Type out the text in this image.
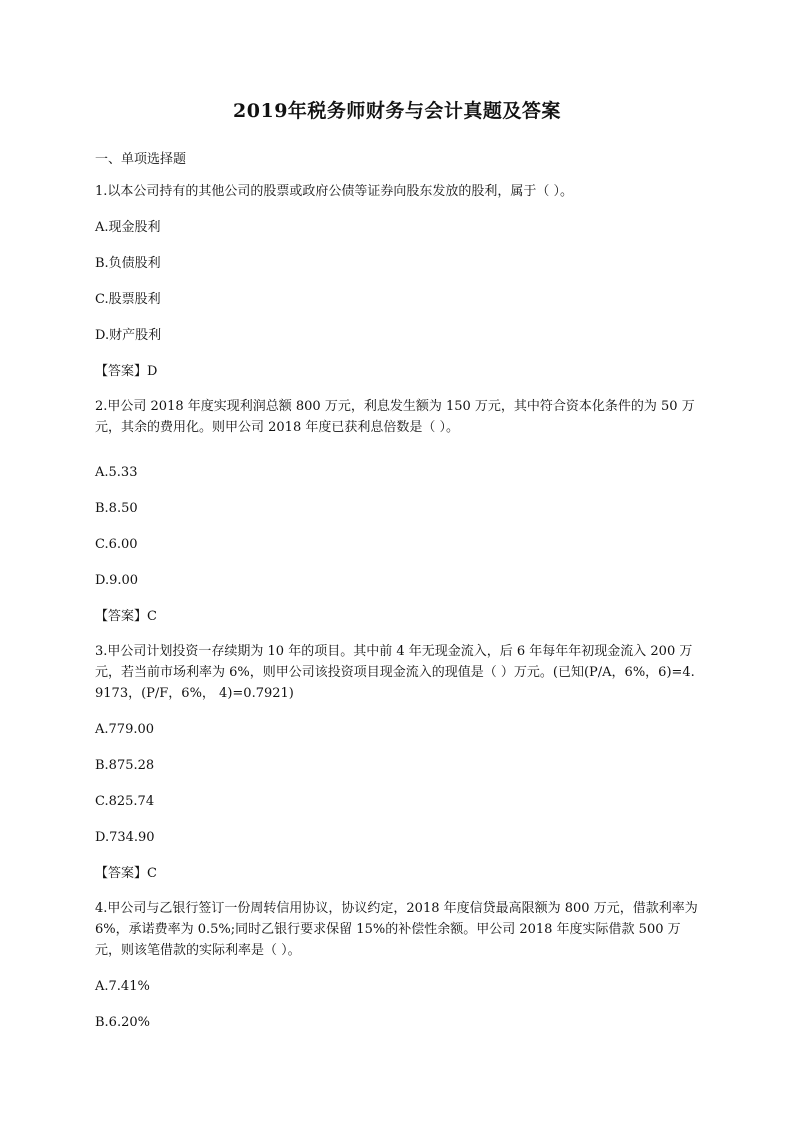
2019年税务师财务与会计真题及答案
一、单项选择题
1.以本公司持有的其他公司的股票或政府公债等证券向股东发放的股利，属于（ ）。
A.现金股利
B.负债股利
C.股票股利
D.财产股利
【答案】D
2.甲公司 2018 年度实现利润总额 800 万元，利息发生额为 150 万元，其中符合资本化条件的为 50 万元，其余的费用化。则甲公司 2018 年度已获利息倍数是（ ）。
A.5.33
B.8.50
C.6.00
D.9.00
【答案】C
3.甲公司计划投资一存续期为 10 年的项目。其中前 4 年无现金流入，后 6 年每年年初现金流入 200 万元，若当前市场利率为 6%，则甲公司该投资项目现金流入的现值是（ ）万元。(已知(P/A，6%，6)=4.9173，(P/F，6%， 4)=0.7921)
A.779.00
B.875.28
C.825.74
D.734.90
【答案】C
4.甲公司与乙银行签订一份周转信用协议，协议约定，2018 年度信贷最高限额为 800 万元，借款利率为 6%，承诺费率为 0.5%;同时乙银行要求保留 15%的补偿性余额。甲公司 2018 年度实际借款 500 万元，则该笔借款的实际利率是（ ）。
A.7.41%
B.6.20%
